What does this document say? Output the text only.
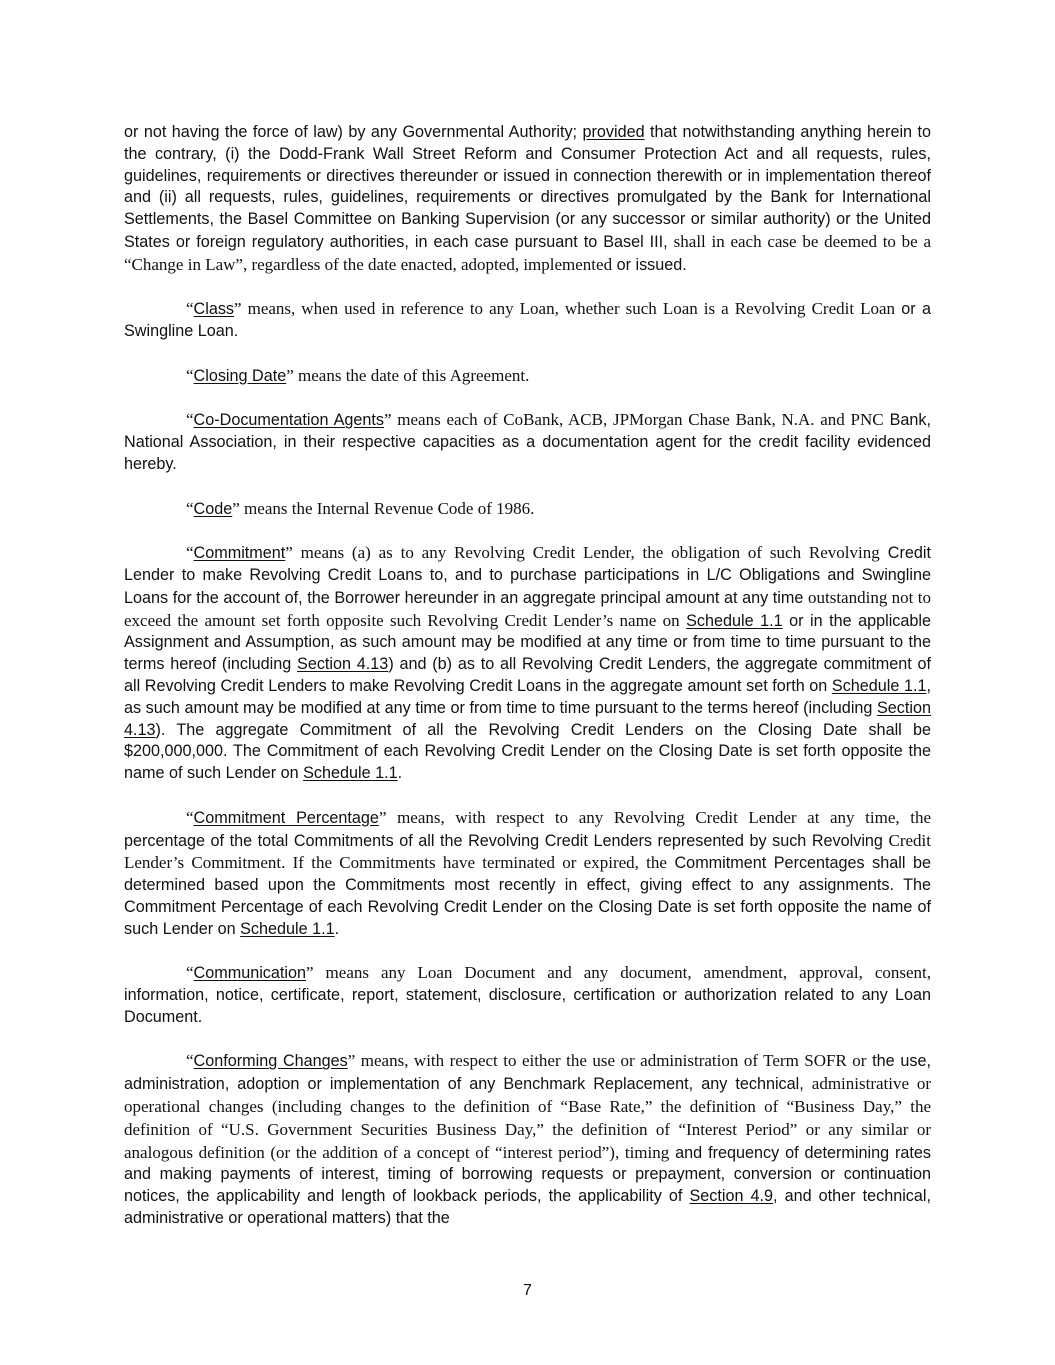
or not having the force of law) by any Governmental Authority; provided that notwithstanding anything herein to the contrary, (i) the Dodd-Frank Wall Street Reform and Consumer Protection Act and all requests, rules, guidelines, requirements or directives thereunder or issued in connection therewith or in implementation thereof and (ii) all requests, rules, guidelines, requirements or directives promulgated by the Bank for International Settlements, the Basel Committee on Banking Supervision (or any successor or similar authority) or the United States or foreign regulatory authorities, in each case pursuant to Basel III, shall in each case be deemed to be a “Change in Law”, regardless of the date enacted, adopted, implemented or issued.

“Class” means, when used in reference to any Loan, whether such Loan is a Revolving Credit Loan or a Swingline Loan.

“Closing Date” means the date of this Agreement.

“Co-Documentation Agents” means each of CoBank, ACB, JPMorgan Chase Bank, N.A. and PNC Bank, National Association, in their respective capacities as a documentation agent for the credit facility evidenced hereby.

“Code” means the Internal Revenue Code of 1986.

“Commitment” means (a) as to any Revolving Credit Lender, the obligation of such Revolving Credit Lender to make Revolving Credit Loans to, and to purchase participations in L/C Obligations and Swingline Loans for the account of, the Borrower hereunder in an aggregate principal amount at any time outstanding not to exceed the amount set forth opposite such Revolving Credit Lender’s name on Schedule 1.1 or in the applicable Assignment and Assumption, as such amount may be modified at any time or from time to time pursuant to the terms hereof (including Section 4.13) and (b) as to all Revolving Credit Lenders, the aggregate commitment of all Revolving Credit Lenders to make Revolving Credit Loans in the aggregate amount set forth on Schedule 1.1, as such amount may be modified at any time or from time to time pursuant to the terms hereof (including Section 4.13). The aggregate Commitment of all the Revolving Credit Lenders on the Closing Date shall be $200,000,000. The Commitment of each Revolving Credit Lender on the Closing Date is set forth opposite the name of such Lender on Schedule 1.1.

“Commitment Percentage” means, with respect to any Revolving Credit Lender at any time, the percentage of the total Commitments of all the Revolving Credit Lenders represented by such Revolving Credit Lender’s Commitment. If the Commitments have terminated or expired, the Commitment Percentages shall be determined based upon the Commitments most recently in effect, giving effect to any assignments. The Commitment Percentage of each Revolving Credit Lender on the Closing Date is set forth opposite the name of such Lender on Schedule 1.1.

“Communication” means any Loan Document and any document, amendment, approval, consent, information, notice, certificate, report, statement, disclosure, certification or authorization related to any Loan Document.

“Conforming Changes” means, with respect to either the use or administration of Term SOFR or the use, administration, adoption or implementation of any Benchmark Replacement, any technical, administrative or operational changes (including changes to the definition of “Base Rate,” the definition of “Business Day,” the definition of “U.S. Government Securities Business Day,” the definition of “Interest Period” or any similar or analogous definition (or the addition of a concept of “interest period”), timing and frequency of determining rates and making payments of interest, timing of borrowing requests or prepayment, conversion or continuation notices, the applicability and length of lookback periods, the applicability of Section 4.9, and other technical, administrative or operational matters) that the

7
